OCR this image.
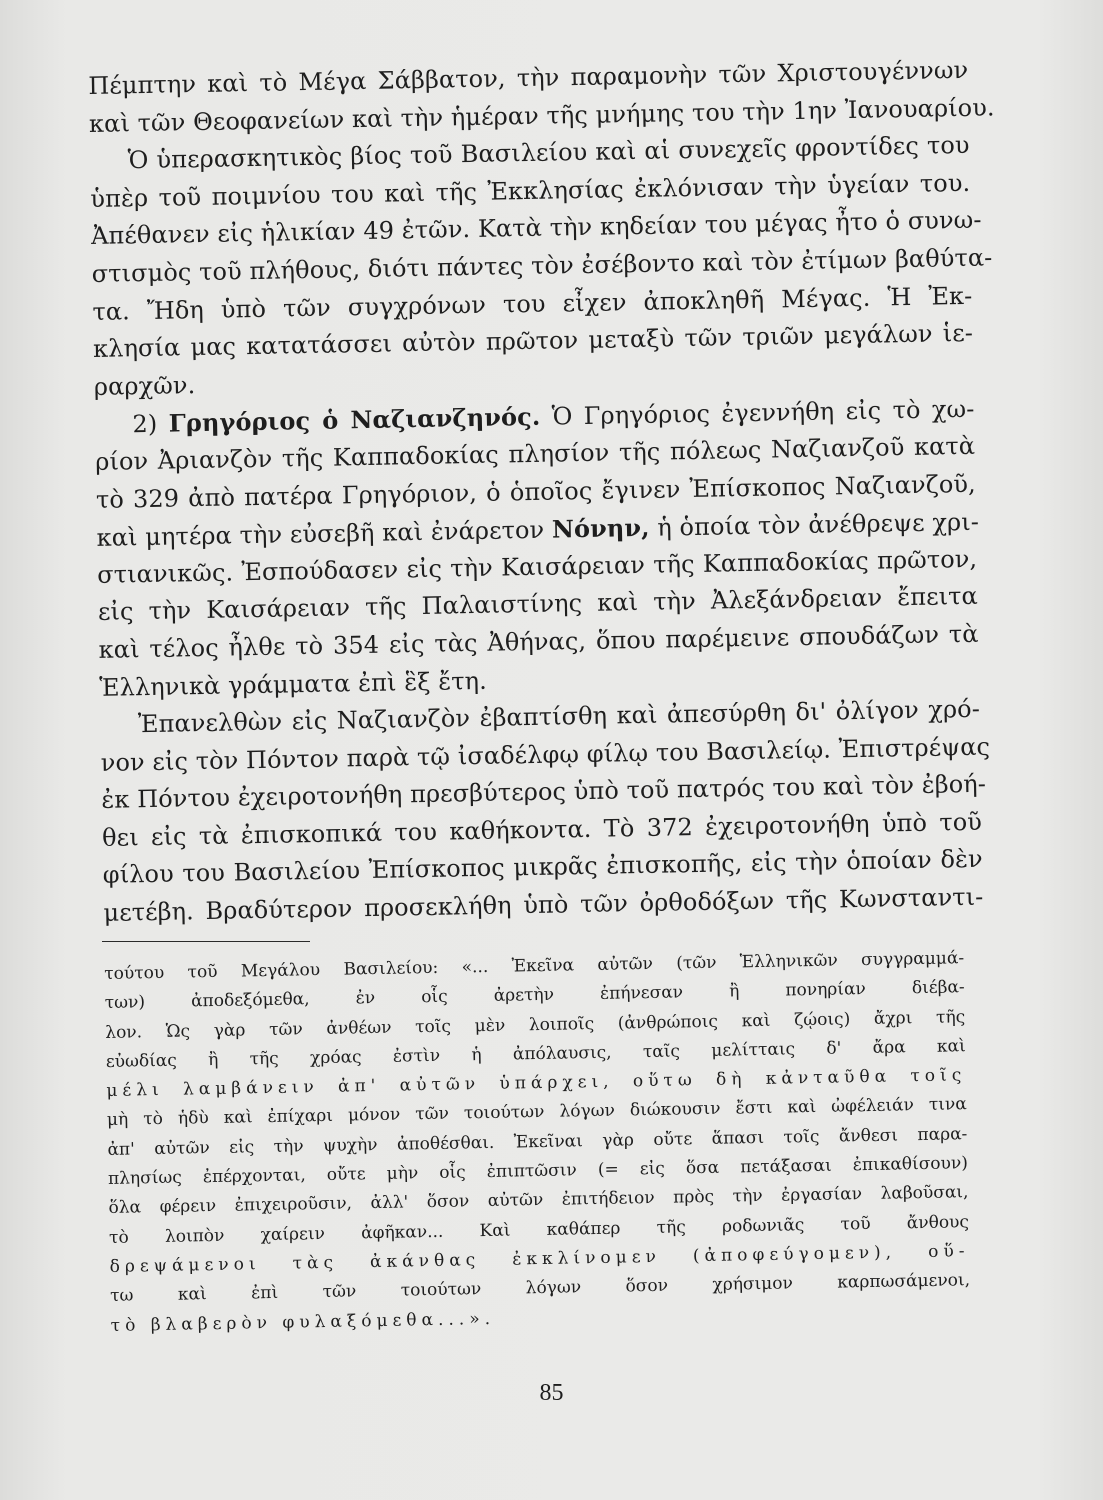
Πέμπτην καὶ τὸ Μέγα Σάββατον, τὴν παραμονὴν τῶν Χριστουγέννων
καὶ τῶν Θεοφανείων καὶ τὴν ἡμέραν τῆς μνήμης του τὴν 1ην Ἰανουαρίου.
Ὁ ὑπερασκητικὸς βίος τοῦ Βασιλείου καὶ αἱ συνεχεῖς φροντίδες του
ὑπὲρ τοῦ ποιμνίου του καὶ τῆς Ἐκκλησίας ἐκλόνισαν τὴν ὑγείαν του.
Ἀπέθανεν εἰς ἡλικίαν 49 ἐτῶν. Κατὰ τὴν κηδείαν του μέγας ἦτο ὁ συνω-
στισμὸς τοῦ πλήθους, διότι πάντες τὸν ἐσέβοντο καὶ τὸν ἐτίμων βαθύτα-
τα. Ἤδη ὑπὸ τῶν συγχρόνων του εἶχεν ἀποκληθῆ Μέγας. Ἡ Ἐκ-
κλησία μας κατατάσσει αὐτὸν πρῶτον μεταξὺ τῶν τριῶν μεγάλων ἱε-
ραρχῶν.
2) Γρηγόριος ὁ Ναζιανζηνός. Ὁ Γρηγόριος ἐγεννήθη εἰς τὸ χω-
ρίον Ἀριανζὸν τῆς Καππαδοκίας πλησίον τῆς πόλεως Ναζιανζοῦ κατὰ
τὸ 329 ἀπὸ πατέρα Γρηγόριον, ὁ ὁποῖος ἔγινεν Ἐπίσκοπος Ναζιανζοῦ,
καὶ μητέρα τὴν εὐσεβῆ καὶ ἐνάρετον Νόνην, ἡ ὁποία τὸν ἀνέθρεψε χρι-
στιανικῶς. Ἐσπούδασεν εἰς τὴν Καισάρειαν τῆς Καππαδοκίας πρῶτον,
εἰς τὴν Καισάρειαν τῆς Παλαιστίνης καὶ τὴν Ἀλεξάνδρειαν ἔπειτα
καὶ τέλος ἦλθε τὸ 354 εἰς τὰς Ἀθήνας, ὅπου παρέμεινε σπουδάζων τὰ
Ἑλληνικὰ γράμματα ἐπὶ ἓξ ἔτη.
Ἐπανελθὼν εἰς Ναζιανζὸν ἐβαπτίσθη καὶ ἀπεσύρθη δι' ὀλίγον χρό-
νον εἰς τὸν Πόντον παρὰ τῷ ἰσαδέλφῳ φίλῳ του Βασιλείῳ. Ἐπιστρέψας
ἐκ Πόντου ἐχειροτονήθη πρεσβύτερος ὑπὸ τοῦ πατρός του καὶ τὸν ἐβοή-
θει εἰς τὰ ἐπισκοπικά του καθήκοντα. Τὸ 372 ἐχειροτονήθη ὑπὸ τοῦ
φίλου του Βασιλείου Ἐπίσκοπος μικρᾶς ἐπισκοπῆς, εἰς τὴν ὁποίαν δὲν
μετέβη. Βραδύτερον προσεκλήθη ὑπὸ τῶν ὀρθοδόξων τῆς Κωνσταντι-
τούτου τοῦ Μεγάλου Βασιλείου: «... Ἐκεῖνα αὐτῶν (τῶν Ἑλληνικῶν συγγραμμά-
των) ἀποδεξόμεθα, ἐν οἷς ἀρετὴν ἐπήνεσαν ἢ πονηρίαν διέβα-
λον. Ὡς γὰρ τῶν ἀνθέων τοῖς μὲν λοιποῖς (ἀνθρώποις καὶ ζῴοις) ἄχρι τῆς
εὐωδίας ἢ τῆς χρόας ἐστὶν ἡ ἀπόλαυσις, ταῖς μελίτταις δ' ἄρα καὶ
μέλι λαμβάνειν ἀπ' αὐτῶν ὑπάρχει, οὕτω δὴ κἀνταῦθα τοῖς
μὴ τὸ ἡδὺ καὶ ἐπίχαρι μόνον τῶν τοιούτων λόγων διώκουσιν ἔστι καὶ ὠφέλειάν τινα
ἀπ' αὐτῶν εἰς τὴν ψυχὴν ἀποθέσθαι. Ἐκεῖναι γὰρ οὔτε ἅπασι τοῖς ἄνθεσι παρα-
πλησίως ἐπέρχονται, οὔτε μὴν οἷς ἐπιπτῶσιν (= εἰς ὅσα πετάξασαι ἐπικαθίσουν)
ὅλα φέρειν ἐπιχειροῦσιν, ἀλλ' ὅσον αὐτῶν ἐπιτήδειον πρὸς τὴν ἐργασίαν λαβοῦσαι,
τὸ λοιπὸν χαίρειν ἀφῆκαν... Καὶ καθάπερ τῆς ροδωνιᾶς τοῦ ἄνθους
δρεψάμενοι τὰς ἀκάνθας ἐκκλίνομεν (ἀποφεύγομεν), οὕ-
τω καὶ ἐπὶ τῶν τοιούτων λόγων ὅσον χρήσιμον καρπωσάμενοι,
τὸ βλαβερὸν φυλαξόμεθα...».
85
